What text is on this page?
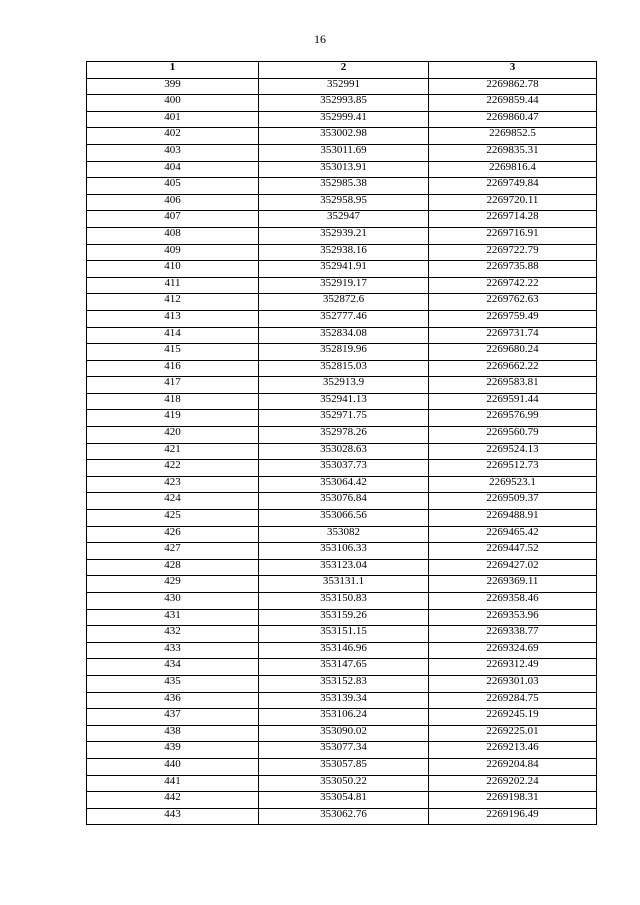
16
1	2	3
399	352991	2269862.78
400	352993.85	2269859.44
401	352999.41	2269860.47
402	353002.98	2269852.5
403	353011.69	2269835.31
404	353013.91	2269816.4
405	352985.38	2269749.84
406	352958.95	2269720.11
407	352947	2269714.28
408	352939.21	2269716.91
409	352938.16	2269722.79
410	352941.91	2269735.88
411	352919.17	2269742.22
412	352872.6	2269762.63
413	352777.46	2269759.49
414	352834.08	2269731.74
415	352819.96	2269680.24
416	352815.03	2269662.22
417	352913.9	2269583.81
418	352941.13	2269591.44
419	352971.75	2269576.99
420	352978.26	2269560.79
421	353028.63	2269524.13
422	353037.73	2269512.73
423	353064.42	2269523.1
424	353076.84	2269509.37
425	353066.56	2269488.91
426	353082	2269465.42
427	353106.33	2269447.52
428	353123.04	2269427.02
429	353131.1	2269369.11
430	353150.83	2269358.46
431	353159.26	2269353.96
432	353151.15	2269338.77
433	353146.96	2269324.69
434	353147.65	2269312.49
435	353152.83	2269301.03
436	353139.34	2269284.75
437	353106.24	2269245.19
438	353090.02	2269225.01
439	353077.34	2269213.46
440	353057.85	2269204.84
441	353050.22	2269202.24
442	353054.81	2269198.31
443	353062.76	2269196.49
